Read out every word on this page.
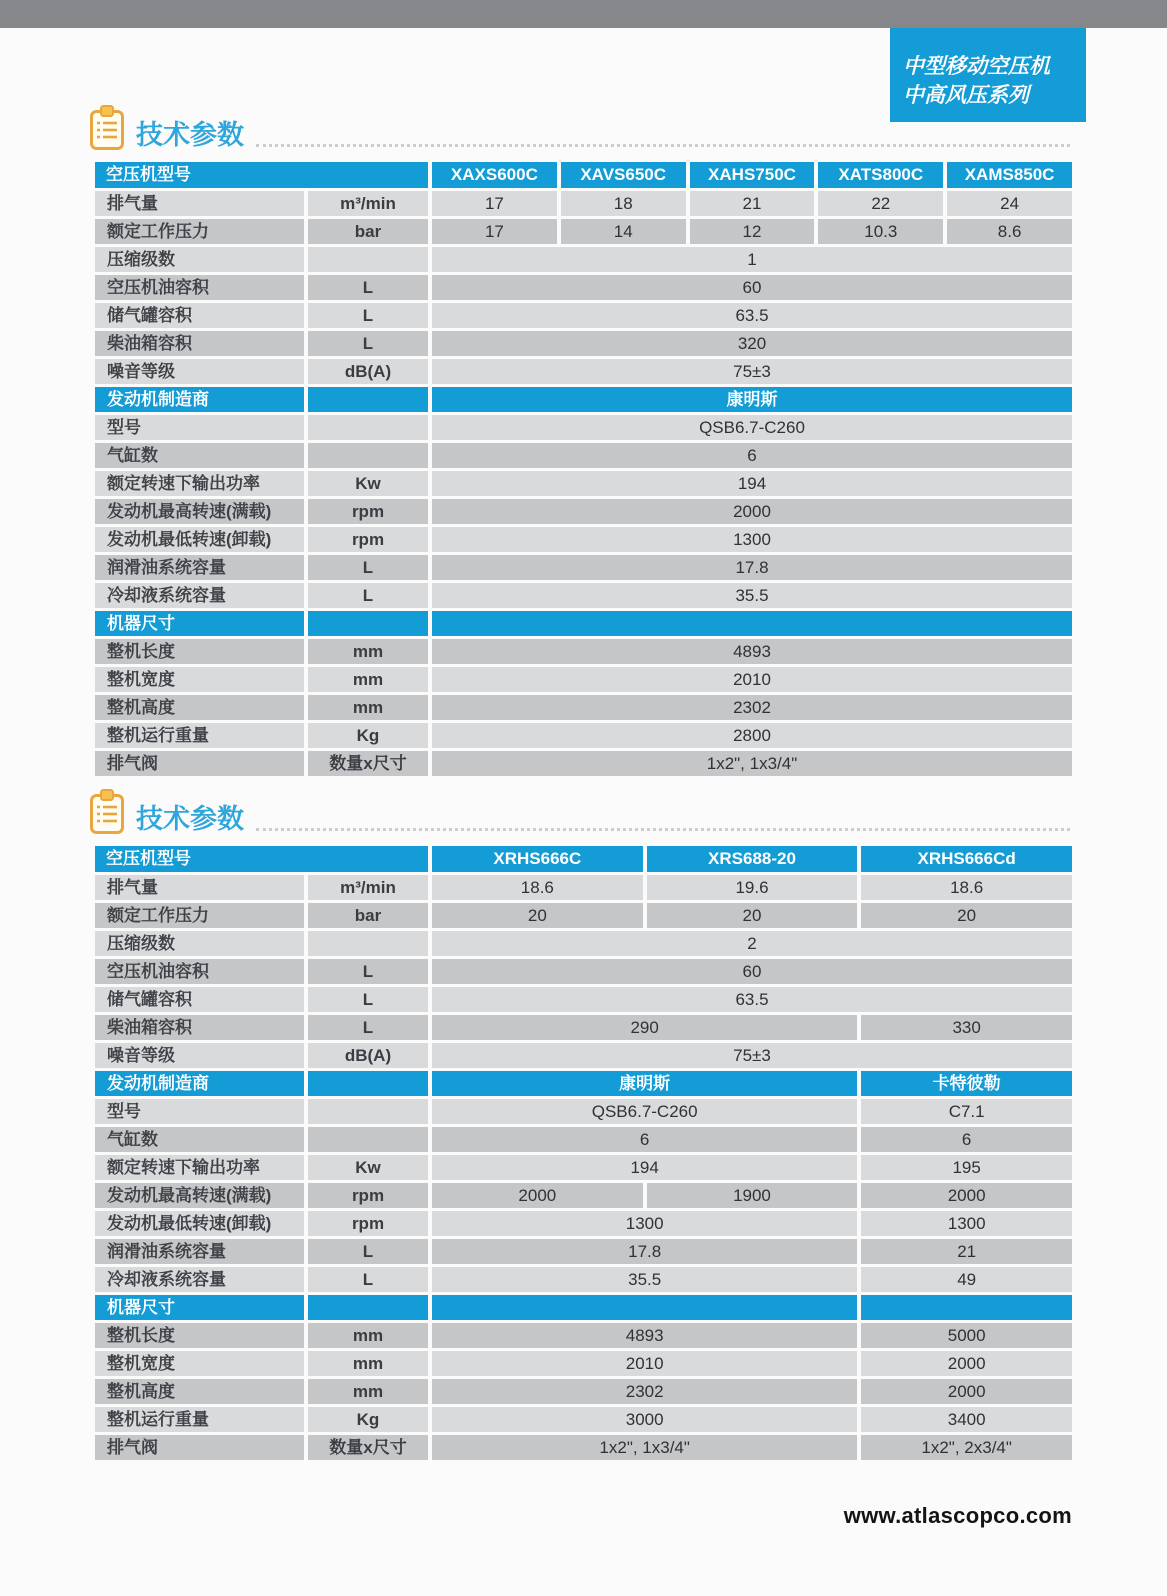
中型移动空压机
中高风压系列
技术参数
空压机型号	XAXS600C	XAVS650C	XAHS750C	XATS800C	XAMS850C
排气量	m³/min	17	18	21	22	24
额定工作压力	bar	17	14	12	10.3	8.6
压缩级数	1
空压机油容积	L	60
储气罐容积	L	63.5
柴油箱容积	L	320
噪音等级	dB(A)	75±3
发动机制造商	康明斯
型号	QSB6.7-C260
气缸数	6
额定转速下输出功率	Kw	194
发动机最高转速(满载)	rpm	2000
发动机最低转速(卸载)	rpm	1300
润滑油系统容量	L	17.8
冷却液系统容量	L	35.5
机器尺寸
整机长度	mm	4893
整机宽度	mm	2010
整机高度	mm	2302
整机运行重量	Kg	2800
排气阀	数量x尺寸	1x2", 1x3/4"
技术参数
空压机型号	XRHS666C	XRS688-20	XRHS666Cd
排气量	m³/min	18.6	19.6	18.6
额定工作压力	bar	20	20	20
压缩级数	2
空压机油容积	L	60
储气罐容积	L	63.5
柴油箱容积	L	290	330
噪音等级	dB(A)	75±3
发动机制造商	康明斯	卡特彼勒
型号	QSB6.7-C260	C7.1
气缸数	6	6
额定转速下输出功率	Kw	194	195
发动机最高转速(满载)	rpm	2000	1900	2000
发动机最低转速(卸载)	rpm	1300	1300
润滑油系统容量	L	17.8	21
冷却液系统容量	L	35.5	49
机器尺寸
整机长度	mm	4893	5000
整机宽度	mm	2010	2000
整机高度	mm	2302	2000
整机运行重量	Kg	3000	3400
排气阀	数量x尺寸	1x2", 1x3/4"	1x2", 2x3/4"
www.atlascopco.com
